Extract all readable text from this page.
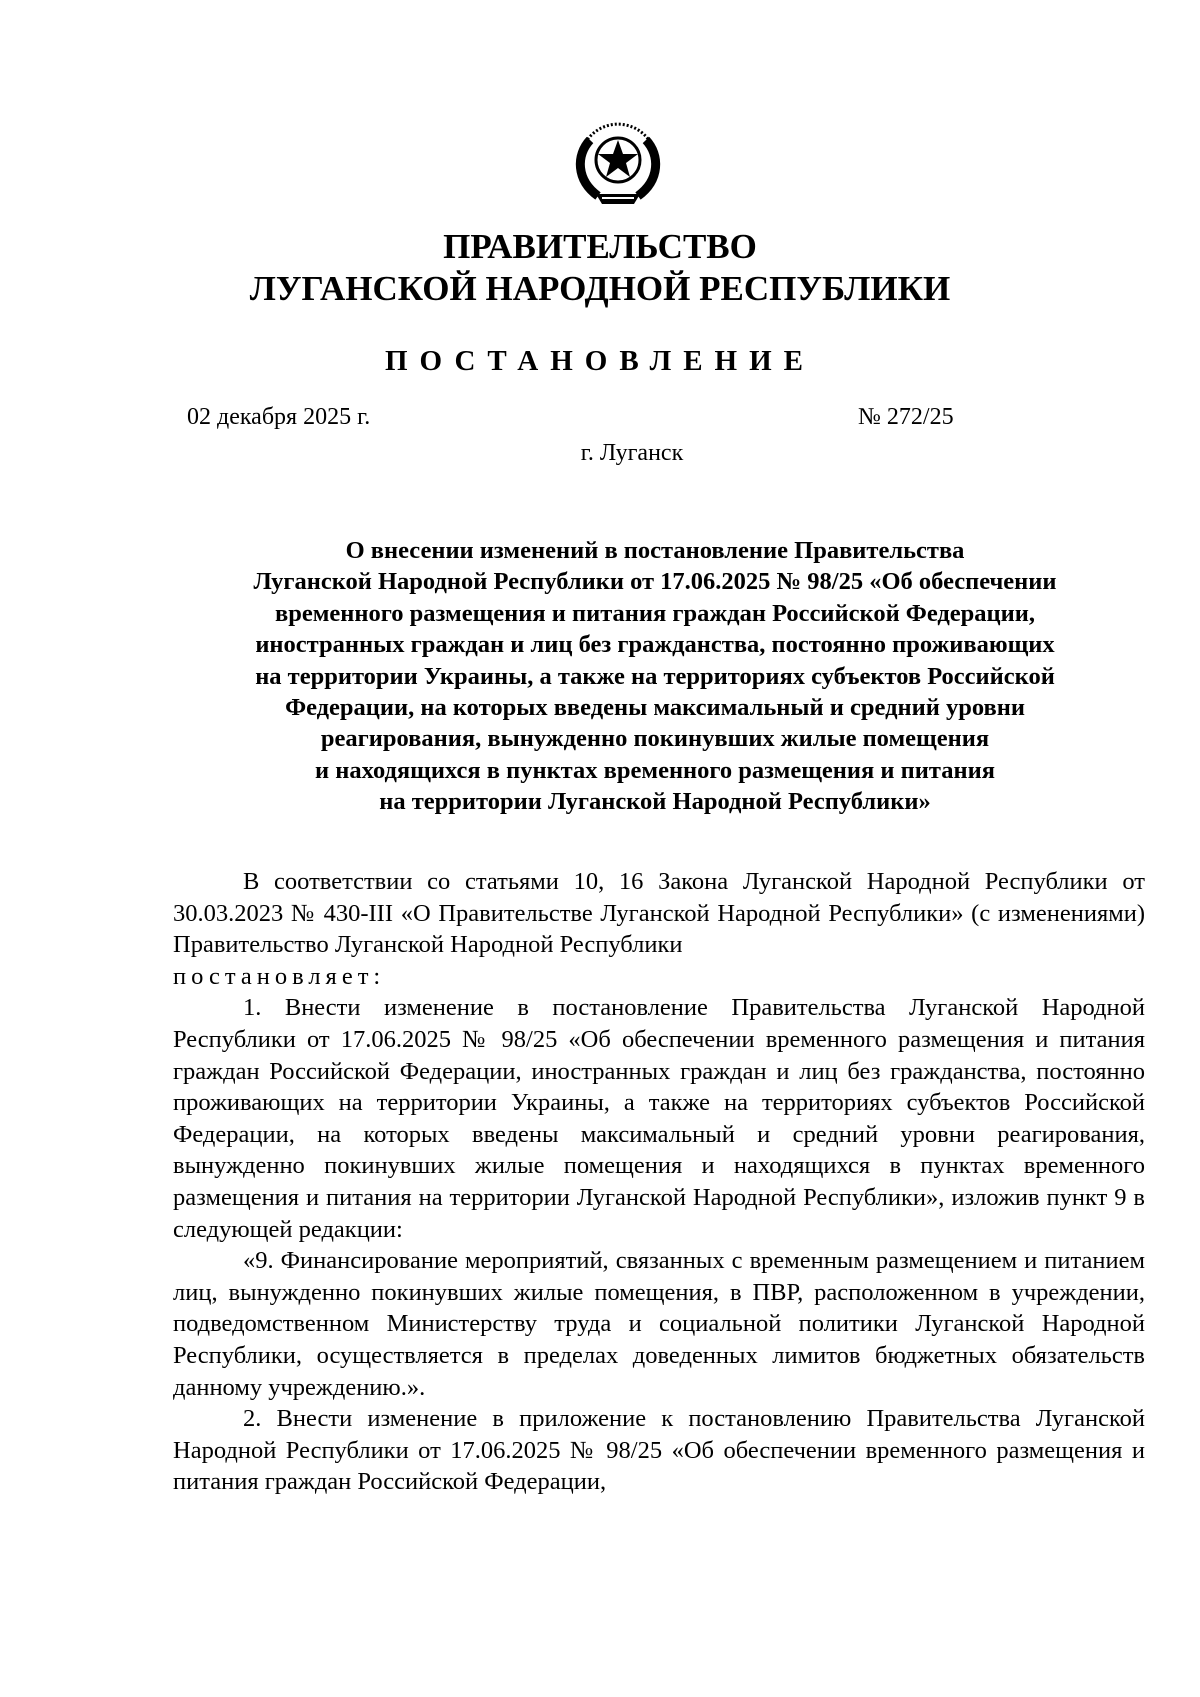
ПРАВИТЕЛЬСТВО
ЛУГАНСКОЙ НАРОДНОЙ РЕСПУБЛИКИ
ПОСТАНОВЛЕНИЕ
02 декабря 2025 г.	№ 272/25
г. Луганск
О внесении изменений в постановление Правительства
Луганской Народной Республики от 17.06.2025 № 98/25 «Об обеспечении
временного размещения и питания граждан Российской Федерации,
иностранных граждан и лиц без гражданства, постоянно проживающих
на территории Украины, а также на территориях субъектов Российской
Федерации, на которых введены максимальный и средний уровни
реагирования, вынужденно покинувших жилые помещения
и находящихся в пунктах временного размещения и питания
на территории Луганской Народной Республики»

В соответствии со статьями 10, 16 Закона Луганской Народной Республики от 30.03.2023 № 430-III «О Правительстве Луганской Народной Республики» (с изменениями) Правительство Луганской Народной Республики

постановляет:

1. Внести изменение в постановление Правительства Луганской Народной Республики от 17.06.2025 № 98/25 «Об обеспечении временного размещения и питания граждан Российской Федерации, иностранных граждан и лиц без гражданства, постоянно проживающих на территории Украины, а также на территориях субъектов Российской Федерации, на которых введены максимальный и средний уровни реагирования, вынужденно покинувших жилые помещения и находящихся в пунктах временного размещения и питания на территории Луганской Народной Республики», изложив пункт 9 в следующей редакции:

«9. Финансирование мероприятий, связанных с временным размещением и питанием лиц, вынужденно покинувших жилые помещения, в ПВР, расположенном в учреждении, подведомственном Министерству труда и социальной политики Луганской Народной Республики, осуществляется в пределах доведенных лимитов бюджетных обязательств данному учреждению.».

2. Внести изменение в приложение к постановлению Правительства Луганской Народной Республики от 17.06.2025 № 98/25 «Об обеспечении временного размещения и питания граждан Российской Федерации,
